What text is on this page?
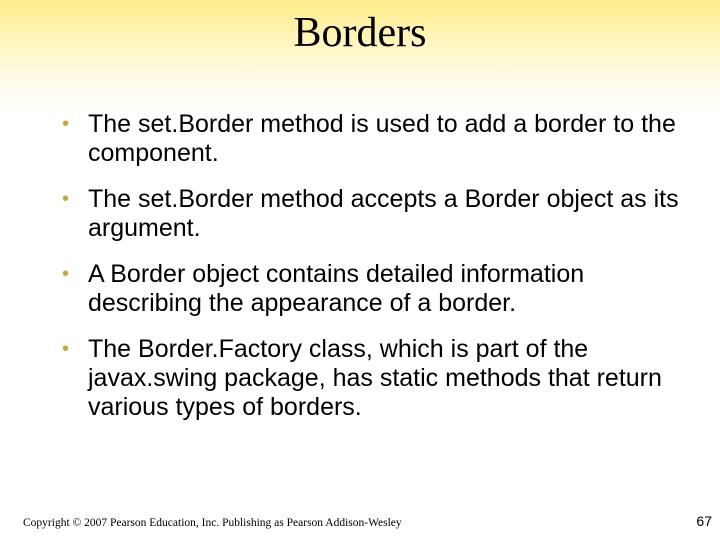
Borders
• The set.Border method is used to add a border to the component.
• The set.Border method accepts a Border object as its argument.
• A Border object contains detailed information describing the appearance of a border.
• The Border.Factory class, which is part of the javax.swing package, has static methods that return various types of borders.
Copyright © 2007 Pearson Education, Inc. Publishing as Pearson Addison-Wesley	67
